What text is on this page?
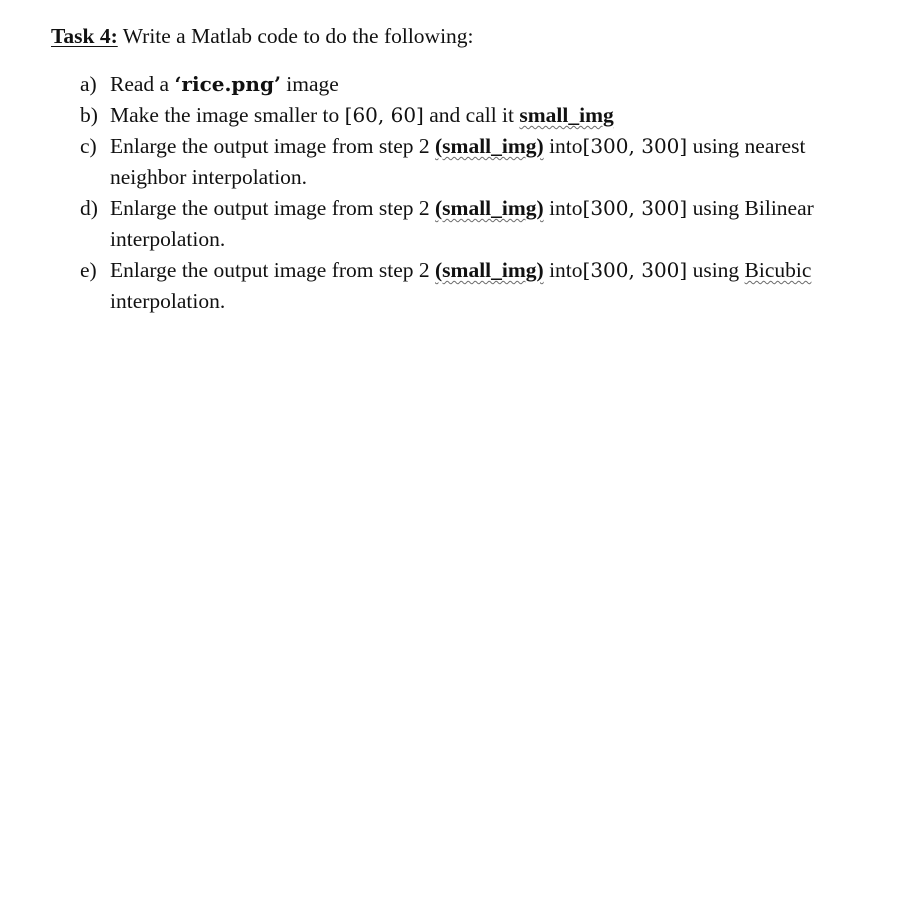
Task 4: Write a Matlab code to do the following:
a) Read a ‘rice.png’ image
b) Make the image smaller to [60, 60] and call it small_img
c) Enlarge the output image from step 2 (small_img) into[300, 300] using nearest
neighbor interpolation.
d) Enlarge the output image from step 2 (small_img) into[300, 300] using Bilinear
interpolation.
e) Enlarge the output image from step 2 (small_img) into[300, 300] using Bicubic
interpolation.
